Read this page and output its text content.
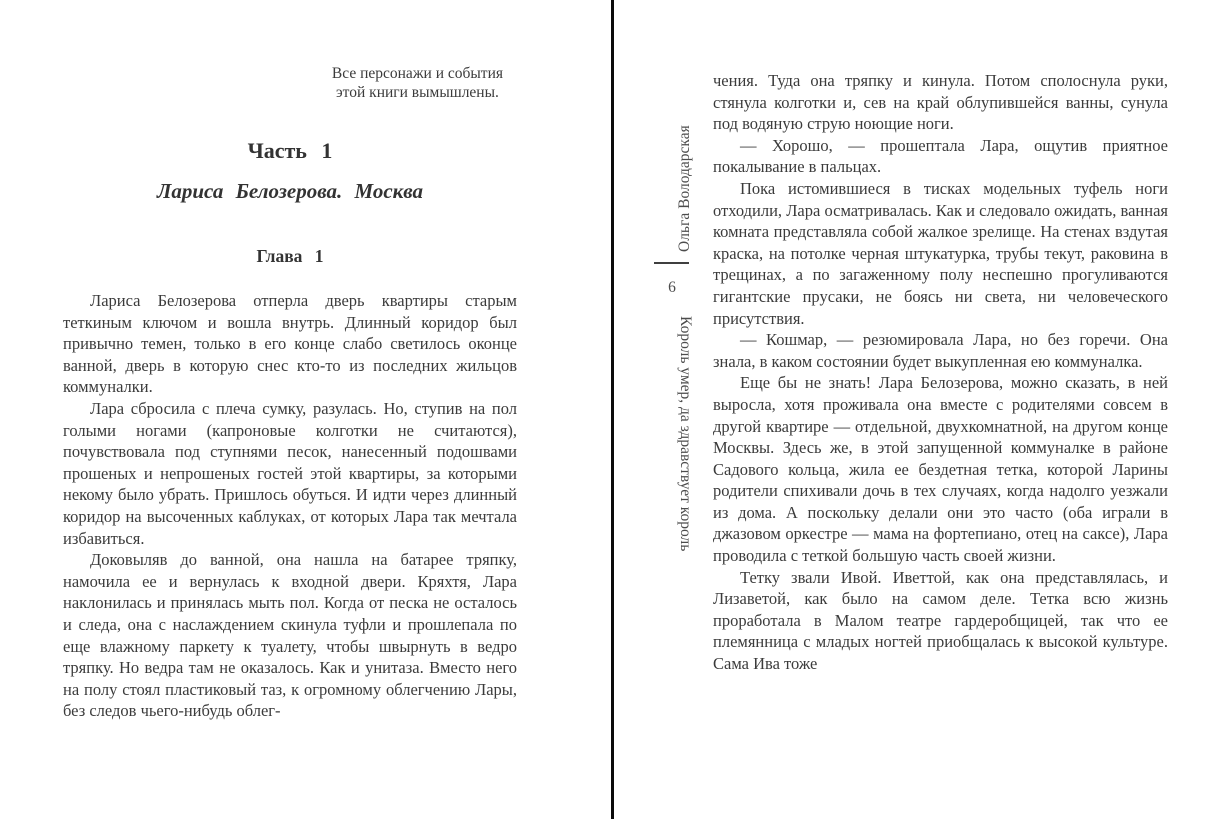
Все персонажи и события
этой книги вымышлены.
Часть 1
Лариса Белозерова. Москва
Глава 1

Лариса Белозерова отперла дверь квартиры старым теткиным ключом и вошла внутрь. Длинный коридор был привычно темен, только в его конце слабо светилось оконце ванной, дверь в которую снес кто-то из последних жильцов коммуналки.

Лара сбросила с плеча сумку, разулась. Но, ступив на пол голыми ногами (капроновые колготки не считаются), почувствовала под ступнями песок, нанесенный подошвами прошеных и непрошеных гостей этой квартиры, за которыми некому было убрать. Пришлось обуться. И идти через длинный коридор на высоченных каблуках, от которых Лара так мечтала избавиться.

Доковыляв до ванной, она нашла на батарее тряпку, намочила ее и вернулась к входной двери. Кряхтя, Лара наклонилась и принялась мыть пол. Когда от песка не осталось и следа, она с наслаждением скинула туфли и прошлепала по еще влажному паркету к туалету, чтобы швырнуть в ведро тряпку. Но ведра там не оказалось. Как и унитаза. Вместо него на полу стоял пластиковый таз, к огромному облегчению Лары, без следов чьего-нибудь облег-

Ольга Володарская
6
Король умер, да здравствует король

чения. Туда она тряпку и кинула. Потом сполоснула руки, стянула колготки и, сев на край облупившейся ванны, сунула под водяную струю ноющие ноги.

— Хорошо, — прошептала Лара, ощутив приятное покалывание в пальцах.

Пока истомившиеся в тисках модельных туфель ноги отходили, Лара осматривалась. Как и следовало ожидать, ванная комната представляла собой жалкое зрелище. На стенах вздутая краска, на потолке черная штукатурка, трубы текут, раковина в трещинах, а по загаженному полу неспешно прогуливаются гигантские прусаки, не боясь ни света, ни человеческого присутствия.

— Кошмар, — резюмировала Лара, но без горечи. Она знала, в каком состоянии будет выкупленная ею коммуналка.

Еще бы не знать! Лара Белозерова, можно сказать, в ней выросла, хотя проживала она вместе с родителями совсем в другой квартире — отдельной, двухкомнатной, на другом конце Москвы. Здесь же, в этой запущенной коммуналке в районе Садового кольца, жила ее бездетная тетка, которой Ларины родители спихивали дочь в тех случаях, когда надолго уезжали из дома. А поскольку делали они это часто (оба играли в джазовом оркестре — мама на фортепиано, отец на саксе), Лара проводила с теткой большую часть своей жизни.

Тетку звали Ивой. Иветтой, как она представлялась, и Лизаветой, как было на самом деле. Тетка всю жизнь проработала в Малом театре гардеробщицей, так что ее племянница с младых ногтей приобщалась к высокой культуре. Сама Ива тоже
